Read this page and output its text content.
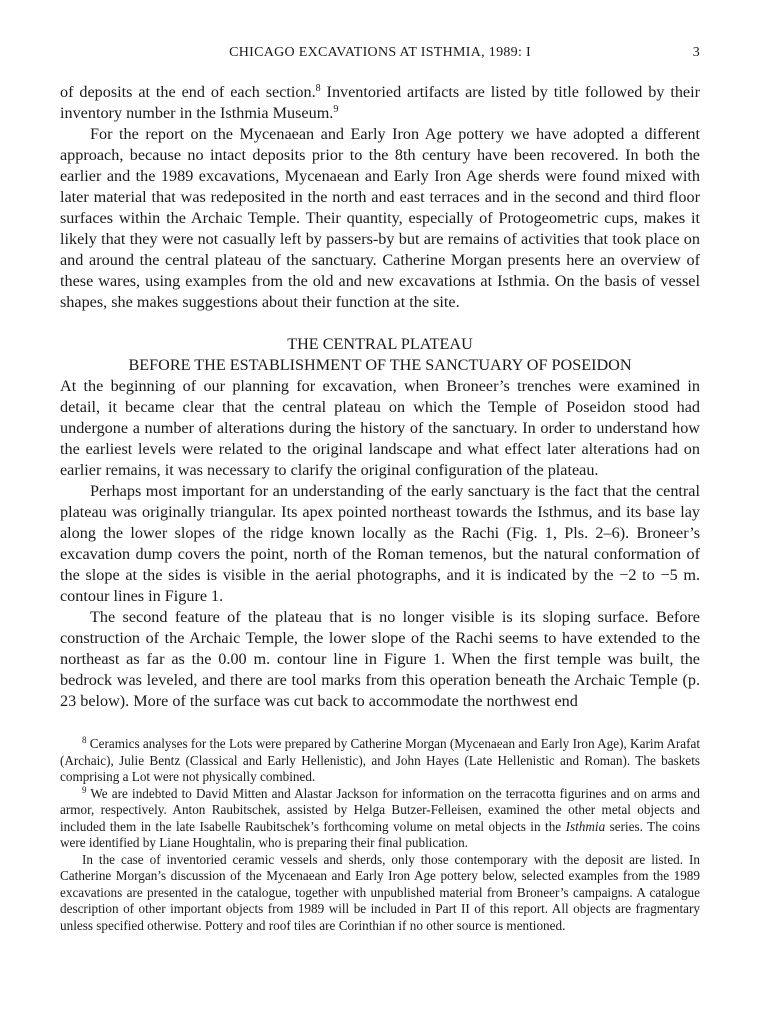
CHICAGO EXCAVATIONS AT ISTHMIA, 1989: I	3

of deposits at the end of each section.$^8$ Inventoried artifacts are listed by title followed by their inventory number in the Isthmia Museum.$^9$

For the report on the Mycenaean and Early Iron Age pottery we have adopted a different approach, because no intact deposits prior to the 8th century have been recovered. In both the earlier and the 1989 excavations, Mycenaean and Early Iron Age sherds were found mixed with later material that was redeposited in the north and east terraces and in the second and third floor surfaces within the Archaic Temple. Their quantity, especially of Protogeometric cups, makes it likely that they were not casually left by passers-by but are remains of activities that took place on and around the central plateau of the sanctuary. Catherine Morgan presents here an overview of these wares, using examples from the old and new excavations at Isthmia. On the basis of vessel shapes, she makes suggestions about their function at the site.

THE CENTRAL PLATEAU
BEFORE THE ESTABLISHMENT OF THE SANCTUARY OF POSEIDON

At the beginning of our planning for excavation, when Broneer’s trenches were examined in detail, it became clear that the central plateau on which the Temple of Poseidon stood had undergone a number of alterations during the history of the sanctuary. In order to understand how the earliest levels were related to the original landscape and what effect later alterations had on earlier remains, it was necessary to clarify the original configuration of the plateau.

Perhaps most important for an understanding of the early sanctuary is the fact that the central plateau was originally triangular. Its apex pointed northeast towards the Isthmus, and its base lay along the lower slopes of the ridge known locally as the Rachi (Fig. 1, Pls. 2–6). Broneer’s excavation dump covers the point, north of the Roman temenos, but the natural conformation of the slope at the sides is visible in the aerial photographs, and it is indicated by the −2 to −5 m. contour lines in Figure 1.

The second feature of the plateau that is no longer visible is its sloping surface. Before construction of the Archaic Temple, the lower slope of the Rachi seems to have extended to the northeast as far as the 0.00 m. contour line in Figure 1. When the first temple was built, the bedrock was leveled, and there are tool marks from this operation beneath the Archaic Temple (p. 23 below). More of the surface was cut back to accommodate the northwest end

$^8$ Ceramics analyses for the Lots were prepared by Catherine Morgan (Mycenaean and Early Iron Age), Karim Arafat (Archaic), Julie Bentz (Classical and Early Hellenistic), and John Hayes (Late Hellenistic and Roman). The baskets comprising a Lot were not physically combined.

$^9$ We are indebted to David Mitten and Alastar Jackson for information on the terracotta figurines and on arms and armor, respectively. Anton Raubitschek, assisted by Helga Butzer-Felleisen, examined the other metal objects and included them in the late Isabelle Raubitschek’s forthcoming volume on metal objects in the Isthmia series. The coins were identified by Liane Houghtalin, who is preparing their final publication.

In the case of inventoried ceramic vessels and sherds, only those contemporary with the deposit are listed. In Catherine Morgan’s discussion of the Mycenaean and Early Iron Age pottery below, selected examples from the 1989 excavations are presented in the catalogue, together with unpublished material from Broneer’s campaigns. A catalogue description of other important objects from 1989 will be included in Part II of this report. All objects are fragmentary unless specified otherwise. Pottery and roof tiles are Corinthian if no other source is mentioned.
